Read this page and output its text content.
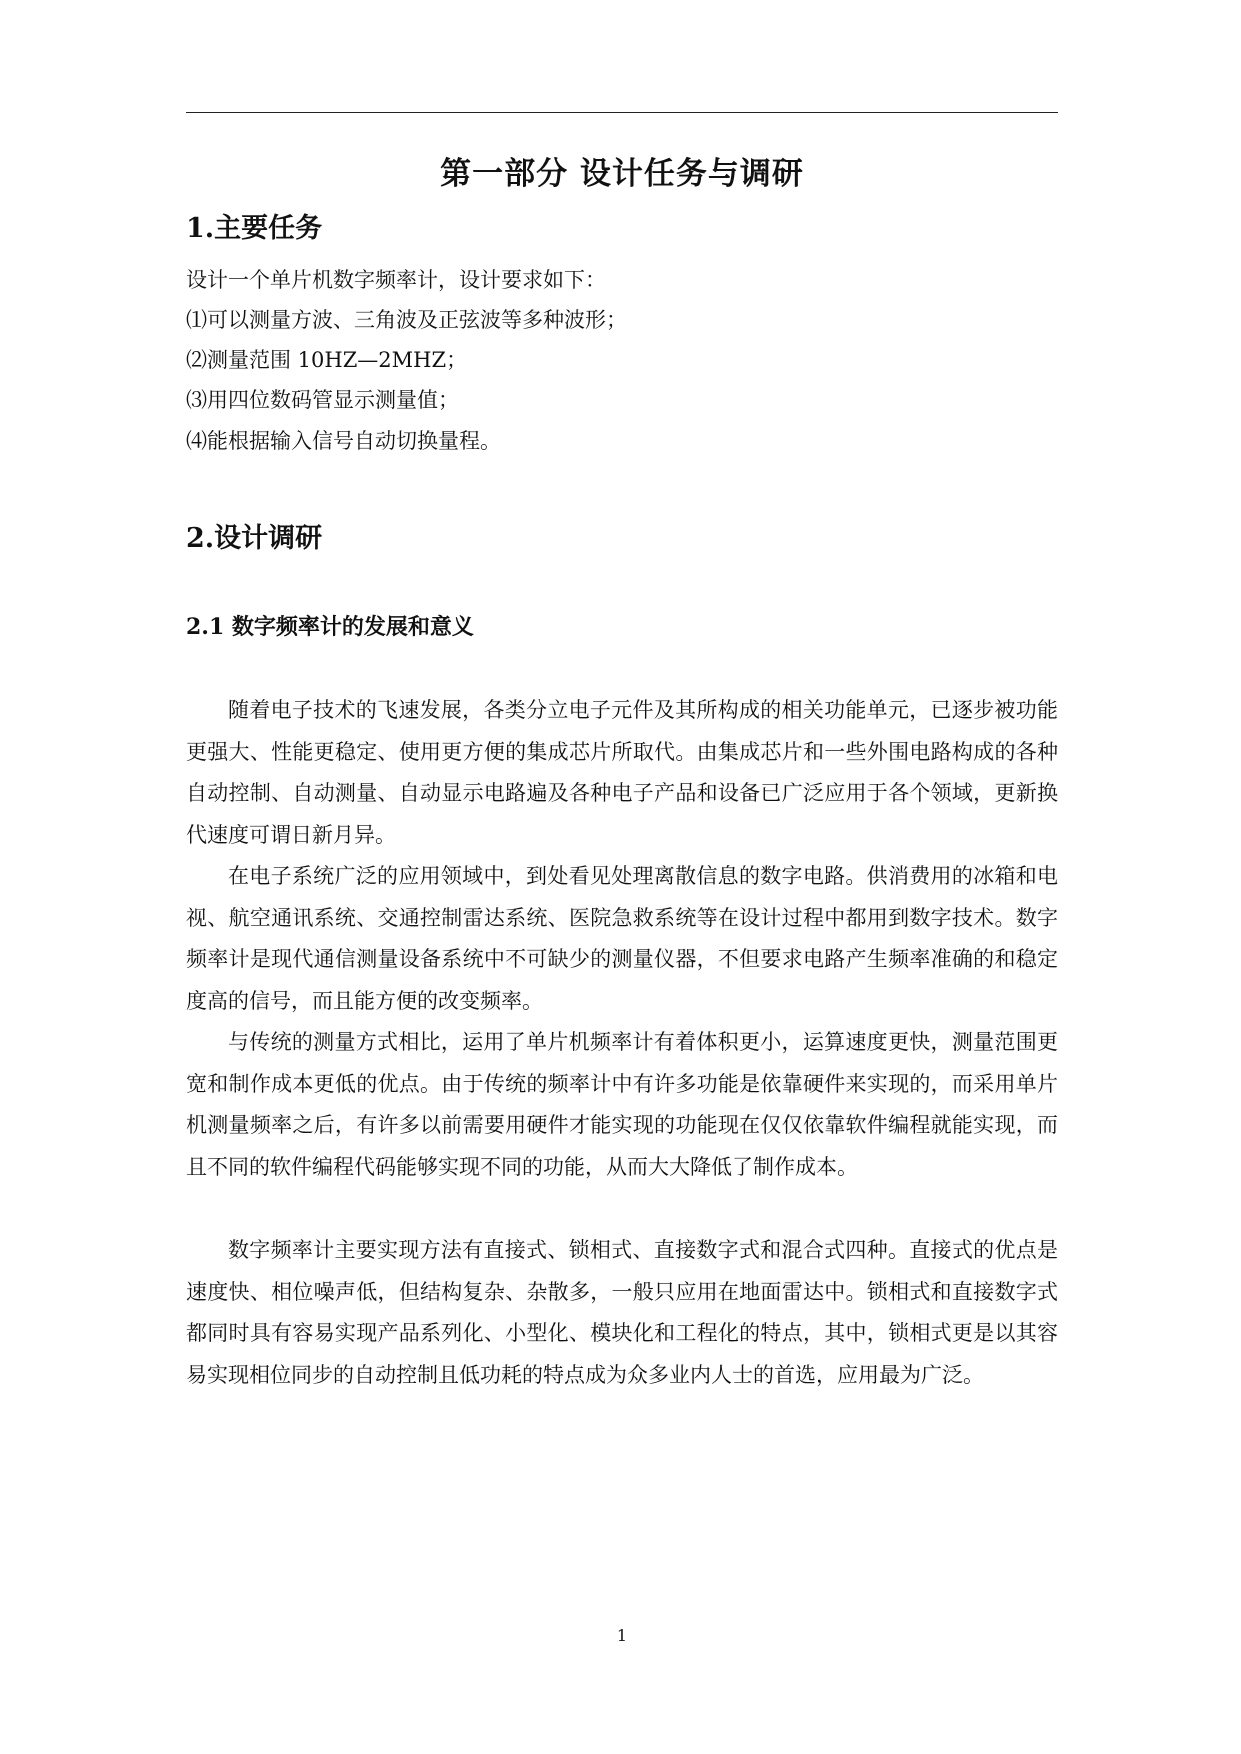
第一部分 设计任务与调研
1.主要任务
设计一个单片机数字频率计，设计要求如下：
⑴可以测量方波、三角波及正弦波等多种波形；
⑵测量范围 10HZ—2MHZ；
⑶用四位数码管显示测量值；
⑷能根据输入信号自动切换量程。
2.设计调研
2.1 数字频率计的发展和意义

随着电子技术的飞速发展，各类分立电子元件及其所构成的相关功能单元，已逐步被功能更强大、性能更稳定、使用更方便的集成芯片所取代。由集成芯片和一些外围电路构成的各种自动控制、自动测量、自动显示电路遍及各种电子产品和设备已广泛应用于各个领域，更新换代速度可谓日新月异。

在电子系统广泛的应用领域中，到处看见处理离散信息的数字电路。供消费用的冰箱和电视、航空通讯系统、交通控制雷达系统、医院急救系统等在设计过程中都用到数字技术。数字频率计是现代通信测量设备系统中不可缺少的测量仪器，不但要求电路产生频率准确的和稳定度高的信号，而且能方便的改变频率。

与传统的测量方式相比，运用了单片机频率计有着体积更小，运算速度更快，测量范围更宽和制作成本更低的优点。由于传统的频率计中有许多功能是依靠硬件来实现的，而采用单片机测量频率之后，有许多以前需要用硬件才能实现的功能现在仅仅依靠软件编程就能实现，而且不同的软件编程代码能够实现不同的功能，从而大大降低了制作成本。

数字频率计主要实现方法有直接式、锁相式、直接数字式和混合式四种。直接式的优点是速度快、相位噪声低，但结构复杂、杂散多，一般只应用在地面雷达中。锁相式和直接数字式都同时具有容易实现产品系列化、小型化、模块化和工程化的特点，其中，锁相式更是以其容易实现相位同步的自动控制且低功耗的特点成为众多业内人士的首选，应用最为广泛。

1
